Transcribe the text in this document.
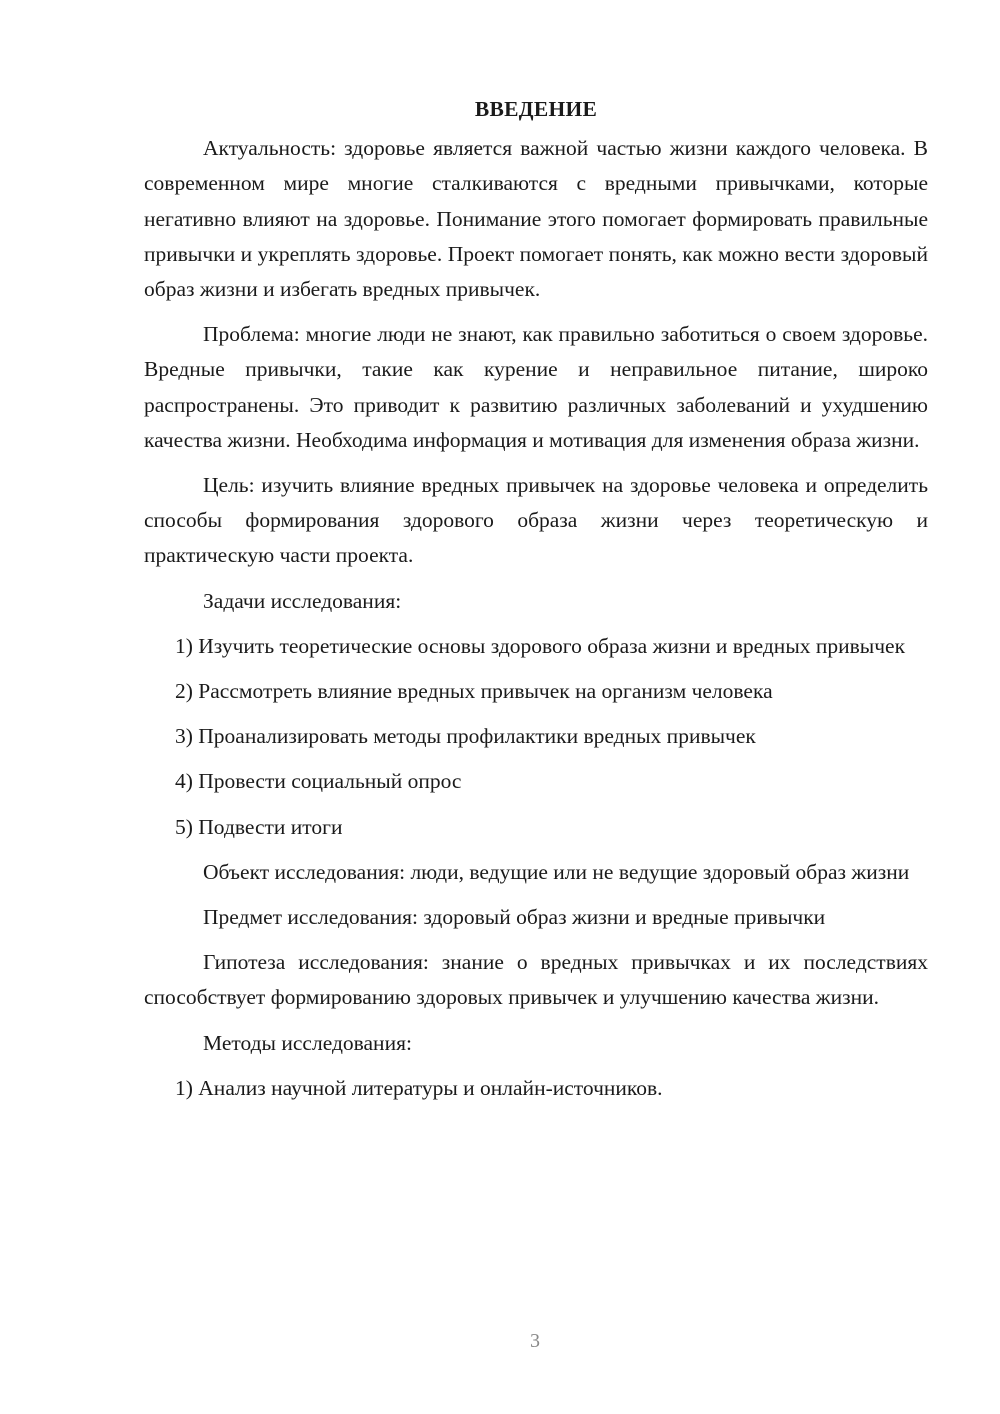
ВВЕДЕНИЕ

Актуальность: здоровье является важной частью жизни каждого человека. В современном мире многие сталкиваются с вредными привычками, которые негативно влияют на здоровье. Понимание этого помогает формировать правильные привычки и укреплять здоровье. Проект помогает понять, как можно вести здоровый образ жизни и избегать вредных привычек.

Проблема: многие люди не знают, как правильно заботиться о своем здоровье. Вредные привычки, такие как курение и неправильное питание, широко распространены. Это приводит к развитию различных заболеваний и ухудшению качества жизни. Необходима информация и мотивация для изменения образа жизни.

Цель: изучить влияние вредных привычек на здоровье человека и определить способы формирования здорового образа жизни через теоретическую и практическую части проекта.

Задачи исследования:

1) Изучить теоретические основы здорового образа жизни и вредных привычек

2) Рассмотреть влияние вредных привычек на организм человека

3) Проанализировать методы профилактики вредных привычек

4) Провести социальный опрос

5) Подвести итоги

Объект исследования: люди, ведущие или не ведущие здоровый образ жизни

Предмет исследования: здоровый образ жизни и вредные привычки

Гипотеза исследования: знание о вредных привычках и их последствиях способствует формированию здоровых привычек и улучшению качества жизни.

Методы исследования:

1) Анализ научной литературы и онлайн-источников.

3
